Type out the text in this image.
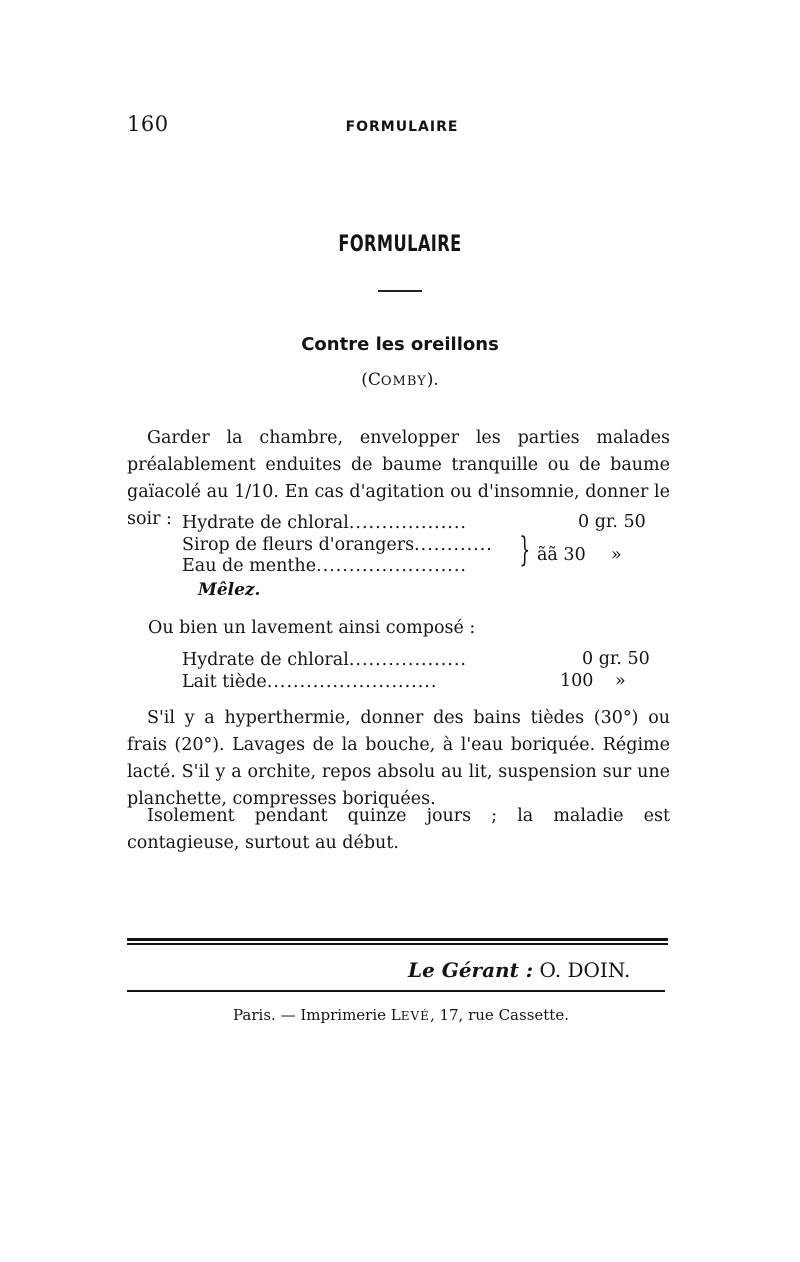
160	FORMULAIRE
FORMULAIRE
Contre les oreillons
(COMBY).
Garder la chambre, envelopper les parties malades préalablement enduites de baume tranquille ou de baume gaïacolé au 1/10. En cas d'agitation ou d'insomnie, donner le soir : Hydrate de chloral..................	0 gr. 50
Sirop de fleurs d'orangers............
Eau de menthe....................... } ãã 30 »
Mêlez.
Ou bien un lavement ainsi composé :
Hydrate de chloral..................	0 gr. 50
Lait tiède..........................	100 »
S'il y a hyperthermie, donner des bains tièdes (30°) ou frais (20°). Lavages de la bouche, à l'eau boriquée. Régime lacté. S'il y a orchite, repos absolu au lit, suspension sur une planchette, compresses boriquées.
Isolement pendant quinze jours ; la maladie est contagieuse, surtout au début.
Le Gérant : O. DOIN.
Paris. — Imprimerie LEVÉ, 17, rue Cassette.
